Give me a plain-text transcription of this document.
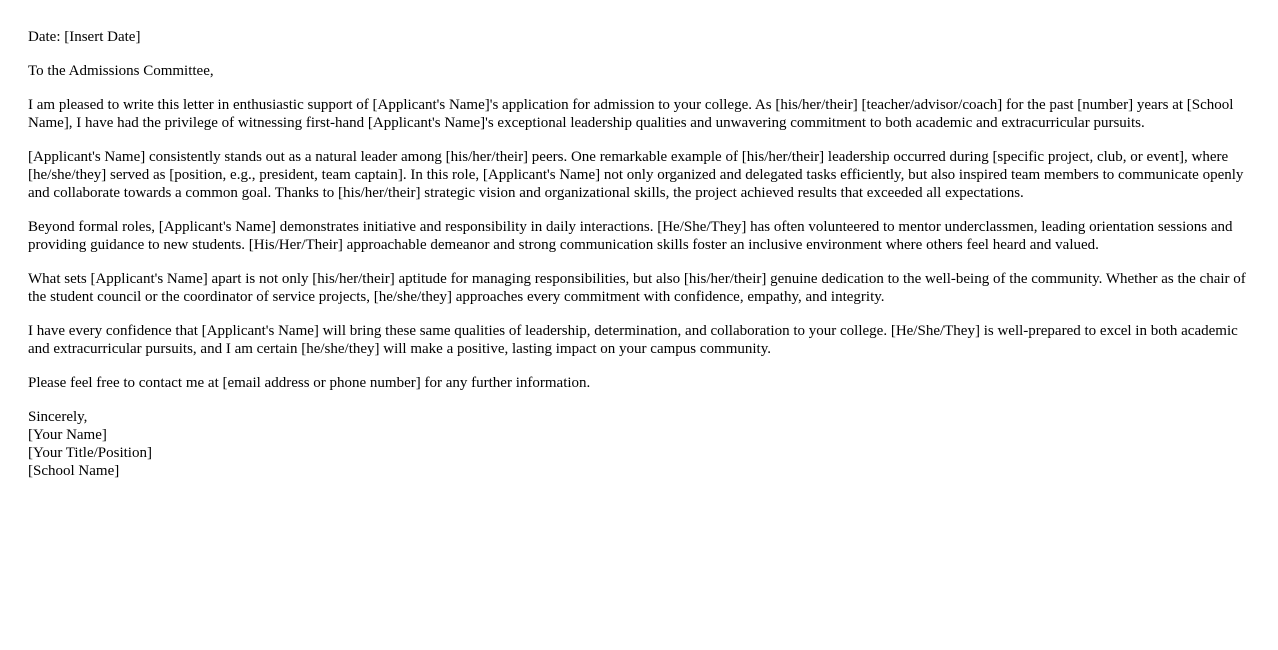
Date: [Insert Date]

To the Admissions Committee,

I am pleased to write this letter in enthusiastic support of [Applicant's Name]'s application for admission to your college. As [his/her/their] [teacher/advisor/coach] for the past [number] years at [School Name], I have had the privilege of witnessing first-hand [Applicant's Name]'s exceptional leadership qualities and unwavering commitment to both academic and extracurricular pursuits.

[Applicant's Name] consistently stands out as a natural leader among [his/her/their] peers. One remarkable example of [his/her/their] leadership occurred during [specific project, club, or event], where [he/she/they] served as [position, e.g., president, team captain]. In this role, [Applicant's Name] not only organized and delegated tasks efficiently, but also inspired team members to communicate openly and collaborate towards a common goal. Thanks to [his/her/their] strategic vision and organizational skills, the project achieved results that exceeded all expectations.

Beyond formal roles, [Applicant's Name] demonstrates initiative and responsibility in daily interactions. [He/She/They] has often volunteered to mentor underclassmen, leading orientation sessions and providing guidance to new students. [His/Her/Their] approachable demeanor and strong communication skills foster an inclusive environment where others feel heard and valued.

What sets [Applicant's Name] apart is not only [his/her/their] aptitude for managing responsibilities, but also [his/her/their] genuine dedication to the well-being of the community. Whether as the chair of the student council or the coordinator of service projects, [he/she/they] approaches every commitment with confidence, empathy, and integrity.

I have every confidence that [Applicant's Name] will bring these same qualities of leadership, determination, and collaboration to your college. [He/She/They] is well-prepared to excel in both academic and extracurricular pursuits, and I am certain [he/she/they] will make a positive, lasting impact on your campus community.

Please feel free to contact me at [email address or phone number] for any further information.

Sincerely,
[Your Name]
[Your Title/Position]
[School Name]
